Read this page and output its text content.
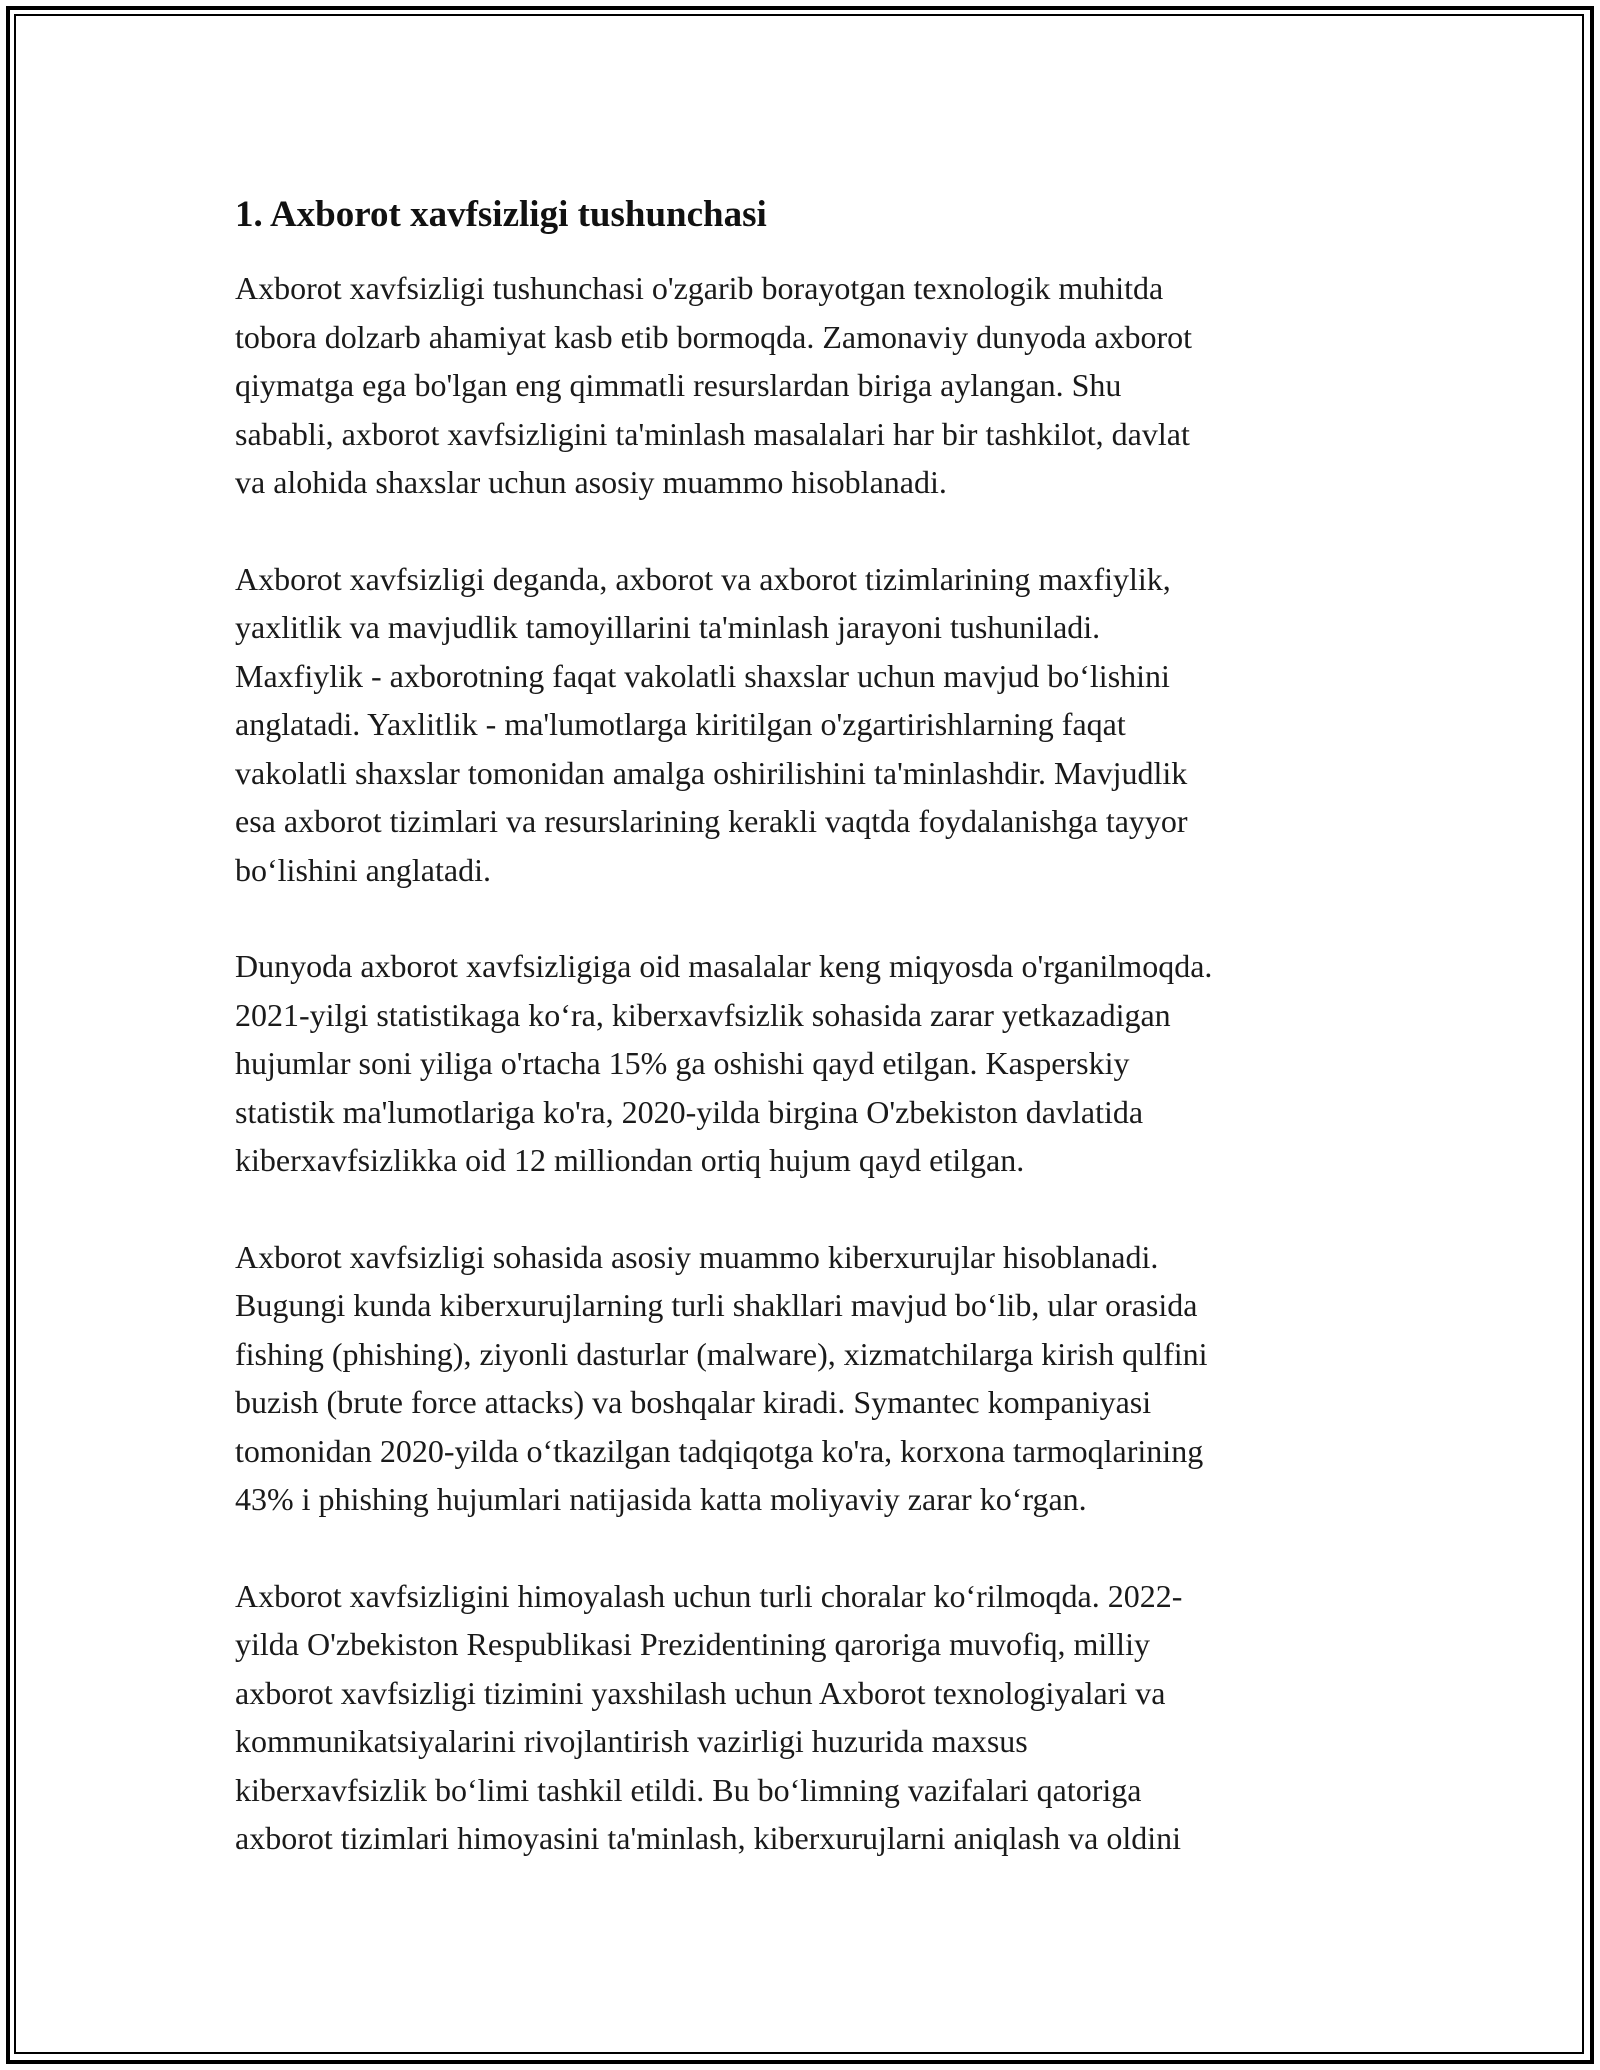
1. Axborot xavfsizligi tushunchasi

Axborot xavfsizligi tushunchasi o'zgarib borayotgan texnologik muhitda
tobora dolzarb ahamiyat kasb etib bormoqda. Zamonaviy dunyoda axborot
qiymatga ega bo'lgan eng qimmatli resurslardan biriga aylangan. Shu
sababli, axborot xavfsizligini ta'minlash masalalari har bir tashkilot, davlat
va alohida shaxslar uchun asosiy muammo hisoblanadi.

Axborot xavfsizligi deganda, axborot va axborot tizimlarining maxfiylik,
yaxlitlik va mavjudlik tamoyillarini ta'minlash jarayoni tushuniladi.
Maxfiylik - axborotning faqat vakolatli shaxslar uchun mavjud boʻlishini
anglatadi. Yaxlitlik - ma'lumotlarga kiritilgan o'zgartirishlarning faqat
vakolatli shaxslar tomonidan amalga oshirilishini ta'minlashdir. Mavjudlik
esa axborot tizimlari va resurslarining kerakli vaqtda foydalanishga tayyor
boʻlishini anglatadi.

Dunyoda axborot xavfsizligiga oid masalalar keng miqyosda o'rganilmoqda.
2021-yilgi statistikaga koʻra, kiberxavfsizlik sohasida zarar yetkazadigan
hujumlar soni yiliga o'rtacha 15% ga oshishi qayd etilgan. Kasperskiy
statistik ma'lumotlariga ko'ra, 2020-yilda birgina O'zbekiston davlatida
kiberxavfsizlikka oid 12 milliondan ortiq hujum qayd etilgan.

Axborot xavfsizligi sohasida asosiy muammo kiberxurujlar hisoblanadi.
Bugungi kunda kiberxurujlarning turli shakllari mavjud boʻlib, ular orasida
fishing (phishing), ziyonli dasturlar (malware), xizmatchilarga kirish qulfini
buzish (brute force attacks) va boshqalar kiradi. Symantec kompaniyasi
tomonidan 2020-yilda oʻtkazilgan tadqiqotga ko'ra, korxona tarmoqlarining
43% i phishing hujumlari natijasida katta moliyaviy zarar koʻrgan.

Axborot xavfsizligini himoyalash uchun turli choralar koʻrilmoqda. 2022-
yilda O'zbekiston Respublikasi Prezidentining qaroriga muvofiq, milliy
axborot xavfsizligi tizimini yaxshilash uchun Axborot texnologiyalari va
kommunikatsiyalarini rivojlantirish vazirligi huzurida maxsus
kiberxavfsizlik boʻlimi tashkil etildi. Bu boʻlimning vazifalari qatoriga
axborot tizimlari himoyasini ta'minlash, kiberxurujlarni aniqlash va oldini
